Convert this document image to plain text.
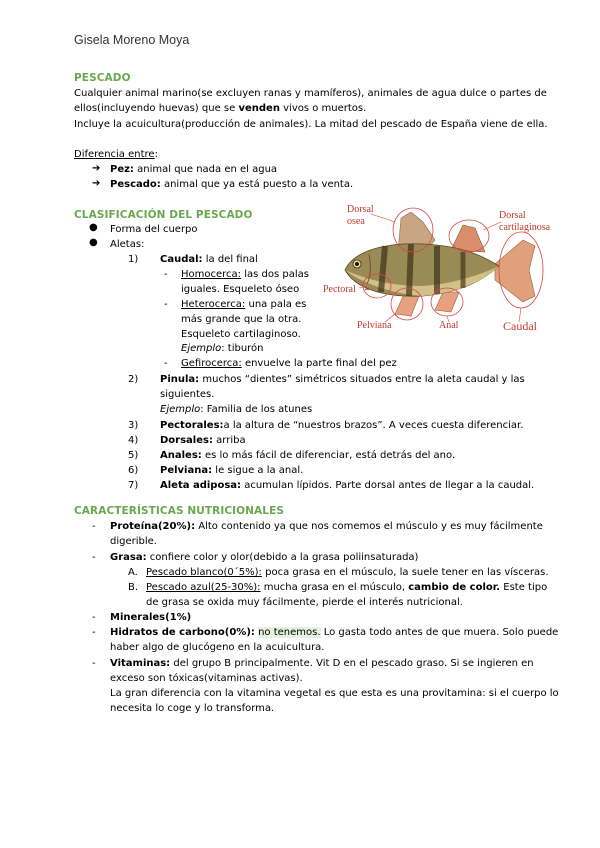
Gisela Moreno Moya
PESCADO
Cualquier animal marino(se excluyen ranas y mamíferos), animales de agua dulce o partes de
ellos(incluyendo huevas) que se venden vivos o muertos.
Incluye la acuicultura(producción de animales). La mitad del pescado de España viene de ella.
Diferencia entre:
➔ Pez: animal que nada en el agua
➔ Pescado: animal que ya está puesto a la venta.
CLASIFICACIÓN DEL PESCADO
● Forma del cuerpo
● Aletas:
1) Caudal: la del final
- Homocerca: las dos palas
iguales. Esqueleto óseo
- Heterocerca: una pala es
más grande que la otra.
Esqueleto cartilaginoso.
Ejemplo: tiburón
- Gefirocerca: envuelve la parte final del pez
2) Pinula: muchos “dientes” simétricos situados entre la aleta caudal y las
siguientes.
Ejemplo: Familia de los atunes
3) Pectorales:a la altura de “nuestros brazos”. A veces cuesta diferenciar.
4) Dorsales: arriba
5) Anales: es lo más fácil de diferenciar, está detrás del ano.
6) Pelviana: le sigue a la anal.
7) Aleta adiposa: acumulan lípidos. Parte dorsal antes de llegar a la caudal.
Dorsal
osea
Dorsal
cartilaginosa
Pectoral
Pelviana	Anal	Caudal
CARACTERÍSTICAS NUTRICIONALES
- Proteína(20%): Alto contenido ya que nos comemos el músculo y es muy fácilmente
digerible.
- Grasa: confiere color y olor(debido a la grasa poliinsaturada)
A. Pescado blanco(0´5%): poca grasa en el músculo, la suele tener en las vísceras.
B. Pescado azul(25-30%): mucha grasa en el músculo, cambio de color. Este tipo
de grasa se oxida muy fácilmente, pierde el interés nutricional.
- Minerales(1%)
- Hidratos de carbono(0%): no tenemos. Lo gasta todo antes de que muera. Solo puede
haber algo de glucógeno en la acuicultura.
- Vitaminas: del grupo B principalmente. Vit D en el pescado graso. Si se ingieren en
exceso son tóxicas(vitaminas activas).
La gran diferencia con la vitamina vegetal es que esta es una provitamina: si el cuerpo lo
necesita lo coge y lo transforma.
